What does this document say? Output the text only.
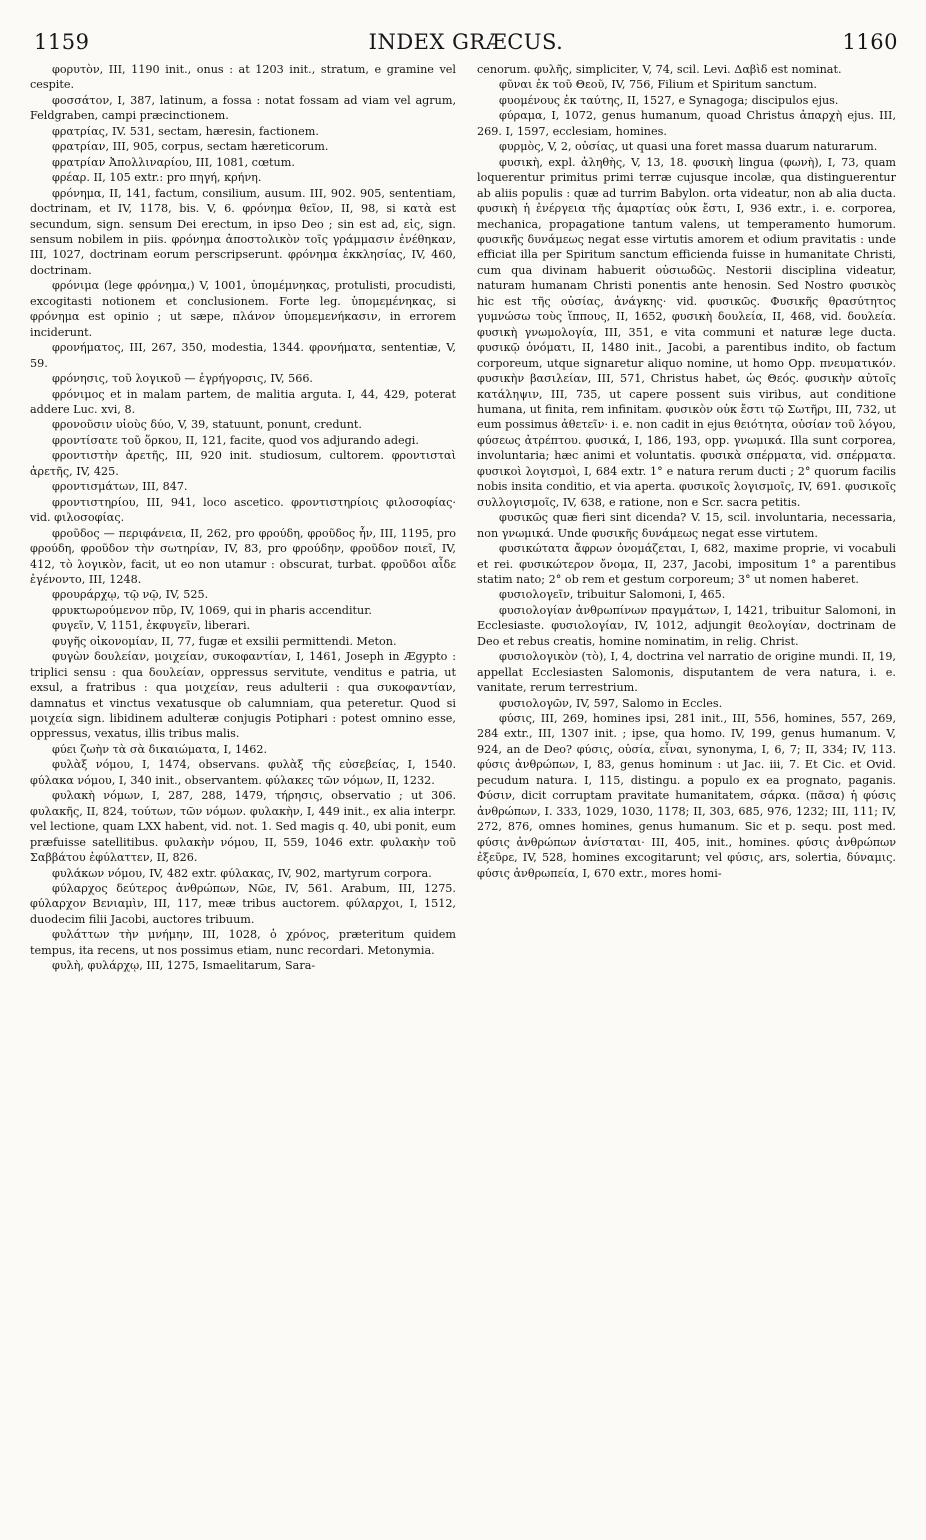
1159	INDEX GRÆCUS.	1160

φορυτὸν, III, 1190 init., onus : at 1203 init., stratum, e gramine vel cespite.

φοσσάτον, I, 387, latinum, a fossa : notat fossam ad viam vel agrum, Feldgraben, campi præcinctionem.

φρατρίας, IV. 531, sectam, hæresin, factionem.

φρατρίαν, III, 905, corpus, sectam hæreticorum.

φρατρίαν Ἀπολλιναρίου, III, 1081, cœtum.

φρέαρ. II, 105 extr.: pro πηγή, κρήνη.

φρόνημα, II, 141, factum, consilium, ausum. III, 902. 905, sententiam, doctrinam, et IV, 1178, bis. V, 6. φρόνημα θεῖον, II, 98, si κατὰ est secundum, sign. sensum Dei erectum, in ipso Deo ; sin est ad, εἰς, sign. sensum nobilem in piis. φρόνημα ἀποστολικὸν τοῖς γράμμασιν ἐνέθηκαν, III, 1027, doctrinam eorum perscripserunt. φρόνημα ἐκκλησίας, IV, 460, doctrinam.

φρόνιμα (lege φρόνημα,) V, 1001, ὑπομέμνηκας, protulisti, procudisti, excogitasti notionem et conclusionem. Forte leg. ὑπομεμένηκας, si φρόνημα est opinio ; ut sæpe, πλάνον ὑπομεμενήκασιν, in errorem inciderunt.

φρονήματος, III, 267, 350, modestia, 1344. φρονήματα, sententiæ, V, 59.

φρόνησις, τοῦ λογικοῦ — ἐγρήγορσις, IV, 566.

φρόνιμος et in malam partem, de malitia arguta. I, 44, 429, poterat addere Luc. xvi, 8.

φρονοῦσιν υἱοὺς δύο, V, 39, statuunt, ponunt, credunt.

φροντίσατε τοῦ ὅρκου, II, 121, facite, quod vos adjurando adegi.

φροντιστὴν ἀρετῆς, III, 920 init. studiosum, cultorem. φροντισταὶ ἀρετῆς, IV, 425.

φροντισμάτων, III, 847.

φροντιστηρίου, III, 941, loco ascetico. φροντιστηρίοις φιλοσοφίας· vid. φιλοσοφίας.

φροῦδος — περιφάνεια, II, 262, pro φρούδη, φροῦδος ἦν, III, 1195, pro φρούδη, φροῦδον τὴν σωτηρίαν, IV, 83, pro φρούδην, φροῦδον ποιεῖ, IV, 412, τὸ λογικὸν, facit, ut eo non utamur : obscurat, turbat. φροῦδοι αἶδε ἐγένοντο, III, 1248.

φρουράρχῳ, τῷ νῷ, IV, 525.

φρυκτωρούμενον πῦρ, IV, 1069, qui in pharis accenditur.

φυγεῖν, V, 1151, ἐκφυγεῖν, liberari.

φυγῆς οἰκονομίαν, II, 77, fugæ et exsilii permittendi. Meton.

φυγὼν δουλείαν, μοιχείαν, συκοφαντίαν, I, 1461, Joseph in Ægypto : triplici sensu : qua δουλείαν, oppressus servitute, venditus e patria, ut exsul, a fratribus : qua μοιχείαν, reus adulterii : qua συκοφαντίαν, damnatus et vinctus vexatusque ob calumniam, qua peteretur. Quod si μοιχεία sign. libidinem adulteræ conjugis Potiphari : potest omnino esse, oppressus, vexatus, illis tribus malis.

φύει ζωὴν τὰ σὰ δικαιώματα, I, 1462.

φυλὰξ νόμου, I, 1474, observans. φυλὰξ τῆς εὐσεβείας, I, 1540. φύλακα νόμου, I, 340 init., observantem. φύλακες τῶν νόμων, II, 1232.

φυλακὴ νόμων, I, 287, 288, 1479, τήρησις, observatio ; ut 306. φυλακῆς, II, 824, τούτων, τῶν νόμων. φυλακὴν, I, 449 init., ex alia interpr. vel lectione, quam LXX habent, vid. not. 1. Sed magis q. 40, ubi ponit, eum præfuisse satellitibus. φυλακὴν νόμου, II, 559, 1046 extr. φυλακὴν τοῦ Σαββάτου ἐφύλαττεν, II, 826.

φυλάκων νόμου, IV, 482 extr. φύλακας, IV, 902, martyrum corpora.

φύλαρχος δεύτερος ἀνθρώπων, Νῶε, IV, 561. Arabum, III, 1275. φύλαρχον Βενιαμὶν, III, 117, meæ tribus auctorem. φύλαρχοι, I, 1512, duodecim filii Jacobi, auctores tribuum.

φυλάττων τὴν μνήμην, III, 1028, ὁ χρόνος, præteritum quidem tempus, ita recens, ut nos possimus etiam, nunc recordari. Metonymia.

φυλὴ, φυλάρχῳ, III, 1275, Ismaelitarum, Sara-

cenorum. φυλῆς, simpliciter, V, 74, scil. Levi. Δαβὶδ est nominat.

φῦναι ἐκ τοῦ Θεοῦ, IV, 756, Filium et Spiritum sanctum.

φυομένους ἐκ ταύτης, II, 1527, e Synagoga; discipulos ejus.

φύραμα, I, 1072, genus humanum, quoad Christus ἀπαρχὴ ejus. III, 269. I, 1597, ecclesiam, homines.

φυρμὸς, V, 2, οὐσίας, ut quasi una foret massa duarum naturarum.

φυσικὴ, expl. ἀληθὴς, V, 13, 18. φυσικὴ lingua (φωνὴ), I, 73, quam loquerentur primitus primi terræ cujusque incolæ, qua distinguerentur ab aliis populis : quæ ad turrim Babylon. orta videatur, non ab alia ducta. φυσικὴ ἡ ἐνέργεια τῆς ἁμαρτίας οὐκ ἔστι, I, 936 extr., i. e. corporea, mechanica, propagatione tantum valens, ut temperamento humorum. φυσικῆς δυνάμεως negat esse virtutis amorem et odium pravitatis : unde efficiat illa per Spiritum sanctum efficienda fuisse in humanitate Christi, cum qua divinam habuerit οὐσιωδῶς. Nestorii disciplina videatur, naturam humanam Christi ponentis ante henosin. Sed Nostro φυσικὸς hic est τῆς οὐσίας, ἀνάγκης· vid. φυσικῶς. Φυσικῆς θρασύτητος γυμνώσω τοὺς ἵππους, II, 1652, φυσικὴ δουλεία, II, 468, vid. δουλεία. φυσικὴ γνωμολογία, III, 351, e vita communi et naturæ lege ducta. φυσικῷ ὀνόματι, II, 1480 init., Jacobi, a parentibus indito, ob factum corporeum, utque signaretur aliquo nomine, ut homo Opp. πνευματικόν. φυσικὴν βασιλείαν, III, 571, Christus habet, ὡς Θεός. φυσικὴν αὐτοῖς κατάληψιν, III, 735, ut capere possent suis viribus, aut conditione humana, ut finita, rem infinitam. φυσικὸν οὐκ ἔστι τῷ Σωτῆρι, III, 732, ut eum possimus ἀθετεῖν· i. e. non cadit in ejus θειότητα, οὐσίαν τοῦ λόγου, φύσεως ἀτρέπτου. φυσικά, I, 186, 193, opp. γνωμικά. Illa sunt corporea, involuntaria; hæc animi et voluntatis. φυσικὰ σπέρματα, vid. σπέρματα. φυσικοὶ λογισμοὶ, I, 684 extr. 1° e natura rerum ducti ; 2° quorum facilis nobis insita conditio, et via aperta. φυσικοῖς λογισμοῖς, IV, 691. φυσικοῖς συλλογισμοῖς, IV, 638, e ratione, non e Scr. sacra petitis.

φυσικῶς quæ fieri sint dicenda? V. 15, scil. involuntaria, necessaria, non γνωμικά. Unde φυσικῆς δυνάμεως negat esse virtutem.

φυσικώτατα ἄφρων ὀνομάζεται, I, 682, maxime proprie, vi vocabuli et rei. φυσικώτερον ὄνομα, II, 237, Jacobi, impositum 1° a parentibus statim nato; 2° ob rem et gestum corporeum; 3° ut nomen haberet.

φυσιολογεῖν, tribuitur Salomoni, I, 465.

φυσιολογίαν ἀνθρωπίνων πραγμάτων, I, 1421, tribuitur Salomoni, in Ecclesiaste. φυσιολογίαν, IV, 1012, adjungit θεολογίαν, doctrinam de Deo et rebus creatis, homine nominatim, in relig. Christ.

φυσιολογικὸν (τὸ), I, 4, doctrina vel narratio de origine mundi. II, 19, appellat Ecclesiasten Salomonis, disputantem de vera natura, i. e. vanitate, rerum terrestrium.

φυσιολογῶν, IV, 597, Salomo in Eccles.

φύσις, III, 269, homines ipsi, 281 init., III, 556, homines, 557, 269, 284 extr., III, 1307 init. ; ipse, qua homo. IV, 199, genus humanum. V, 924, an de Deo? φύσις, οὐσία, εἶναι, synonyma, I, 6, 7; II, 334; IV, 113. φύσις ἀνθρώπων, I, 83, genus hominum : ut Jac. iii, 7. Et Cic. et Ovid. pecudum natura. I, 115, distingu. a populo ex ea prognato, paganis. Φύσιν, dicit corruptam pravitate humanitatem, σάρκα. (πᾶσα) ἡ φύσις ἀνθρώπων, I. 333, 1029, 1030, 1178; II, 303, 685, 976, 1232; III, 111; IV, 272, 876, omnes homines, genus humanum. Sic et p. sequ. post med. φύσις ἀνθρώπων ἀνίσταται· III, 405, init., homines. φύσις ἀνθρώπων ἐξεῦρε, IV, 528, homines excogitarunt; vel φύσις, ars, solertia, δύναμις. φύσις ἀνθρωπεία, I, 670 extr., mores homi-
